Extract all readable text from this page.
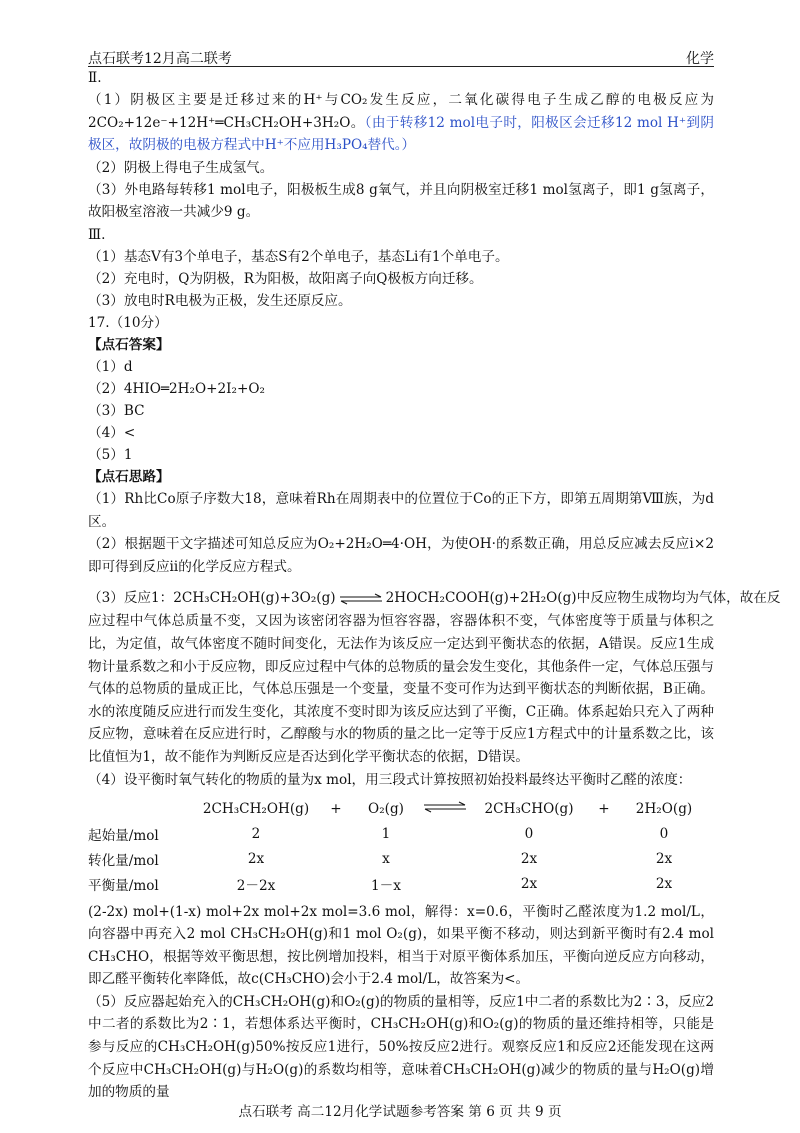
点石联考12月高二联考	化学
Ⅱ.

（1）阴极区主要是迁移过来的H⁺与CO₂发生反应，二氧化碳得电子生成乙醇的电极反应为2CO₂+12e⁻+12H⁺═CH₃CH₂OH+3H₂O。（由于转移12 mol电子时，阳极区会迁移12 mol H⁺到阴极区，故阴极的电极方程式中H⁺不应用H₃PO₄替代。）

（2）阴极上得电子生成氢气。

（3）外电路每转移1 mol电子，阳极板生成8 g氧气，并且向阴极室迁移1 mol氢离子，即1 g氢离子，故阳极室溶液一共减少9 g。

Ⅲ.
（1）基态V有3个单电子，基态S有2个单电子，基态Li有1个单电子。
（2）充电时，Q为阴极，R为阳极，故阳离子向Q极板方向迁移。
（3）放电时R电极为正极，发生还原反应。
17.（10分）
【点石答案】
（1）d
（2）4HIO═2H₂O+2I₂+O₂
（3）BC
（4）<
（5）1
【点石思路】

（1）Rh比Co原子序数大18，意味着Rh在周期表中的位置位于Co的正下方，即第五周期第Ⅷ族，为d区。

（2）根据题干文字描述可知总反应为O₂+2H₂O═4·OH，为使OH·的系数正确，用总反应减去反应ⅰ×2即可得到反应ⅱ的化学反应方程式。

（3）反应1：2CH₃CH₂OH(g)+3O₂(g) ⇌ 2HOCH₂COOH(g)+2H₂O(g)中反应物生成物均为气体，故在反

应过程中气体总质量不变，又因为该密闭容器为恒容容器，容器体积不变，气体密度等于质量与体积之比，为定值，故气体密度不随时间变化，无法作为该反应一定达到平衡状态的依据，A错误。反应1生成物计量系数之和小于反应物，即反应过程中气体的总物质的量会发生变化，其他条件一定，气体总压强与气体的总物质的量成正比，气体总压强是一个变量，变量不变可作为达到平衡状态的判断依据，B正确。水的浓度随反应进行而发生变化，其浓度不变时即为该反应达到了平衡，C正确。体系起始只充入了两种反应物，意味着在反应进行时，乙醇酸与水的物质的量之比一定等于反应1方程式中的计量系数之比，该比值恒为1，故不能作为判断反应是否达到化学平衡状态的依据，D错误。

（4）设平衡时氧气转化的物质的量为x mol，用三段式计算按照初始投料最终达平衡时乙醛的浓度：
	2CH₃CH₂OH(g)	+	O₂(g)		2CH₃CHO(g)	+	2H₂O(g)
起始量/mol	2		1		0		0
转化量/mol	2x		x		2x		2x
平衡量/mol	2－2x		1－x		2x		2x

(2-2x) mol+(1-x) mol+2x mol+2x mol=3.6 mol，解得：x=0.6，平衡时乙醛浓度为1.2 mol/L，向容器中再充入2 mol CH₃CH₂OH(g)和1 mol O₂(g)，如果平衡不移动，则达到新平衡时有2.4 mol CH₃CHO，根据等效平衡思想，按比例增加投料，相当于对原平衡体系加压，平衡向逆反应方向移动，即乙醛平衡转化率降低，故c(CH₃CHO)会小于2.4 mol/L，故答案为<。

（5）反应器起始充入的CH₃CH₂OH(g)和O₂(g)的物质的量相等，反应1中二者的系数比为2∶3，反应2中二者的系数比为2∶1，若想体系达平衡时，CH₃CH₂OH(g)和O₂(g)的物质的量还维持相等，只能是参与反应的CH₃CH₂OH(g)50%按反应1进行，50%按反应2进行。观察反应1和反应2还能发现在这两个反应中CH₃CH₂OH(g)与H₂O(g)的系数均相等，意味着CH₃CH₂OH(g)减少的物质的量与H₂O(g)增加的物质的量

点石联考 高二12月化学试题参考答案 第 6 页 共 9 页
